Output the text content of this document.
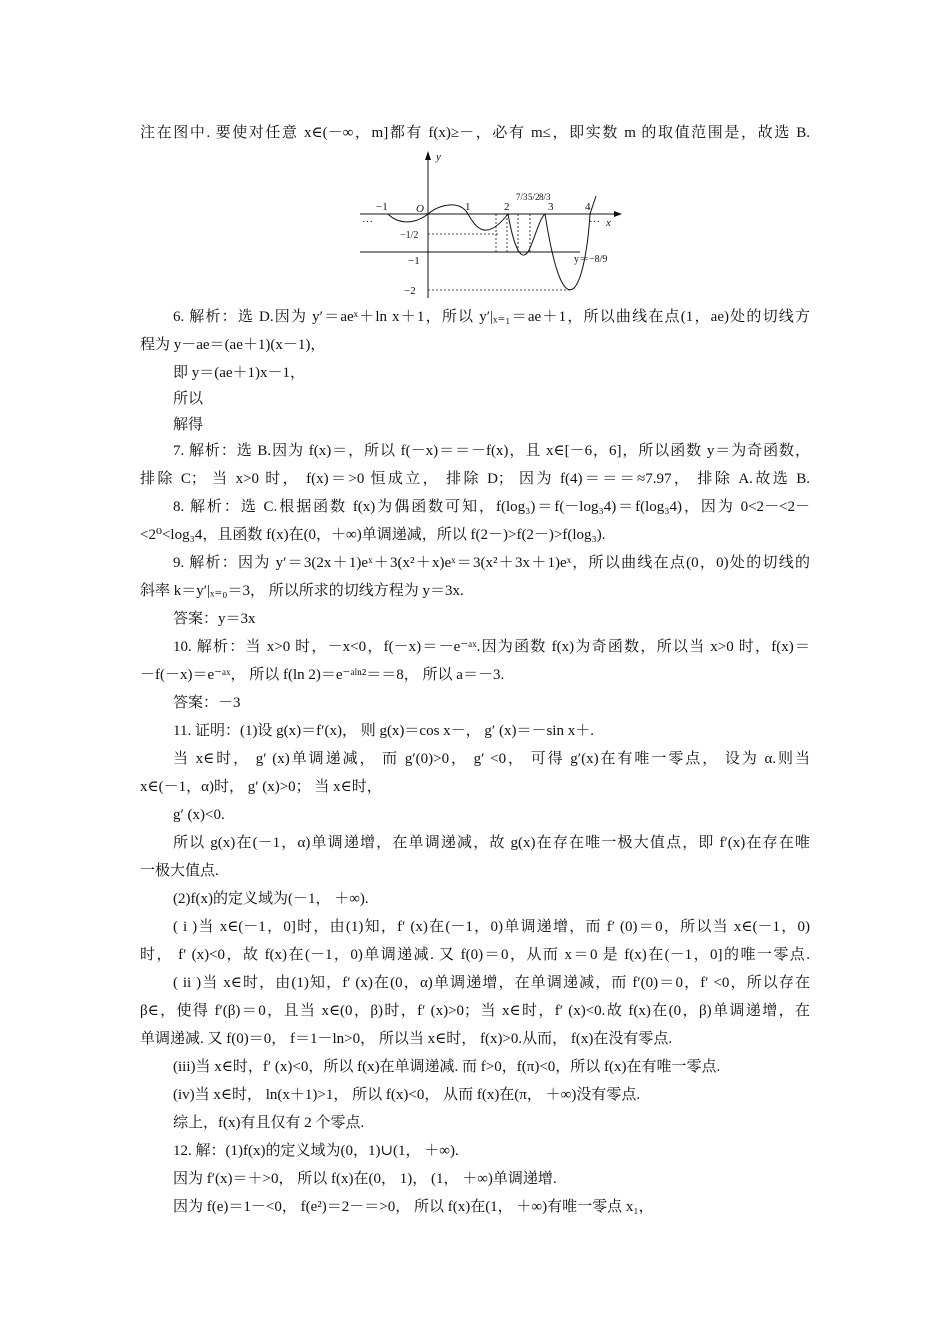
注在图中. 要使对任意 x∈(－∞，m]都有 f(x)≥－，必有 m≤，即实数 m 的取值范围是，故选 B.
y
x
O
···	···
−1	1	2
7/3 5/2 8/3
3	4
−1/2
−1
−2
y＝−8/9
6. 解析：选 D.因为 y′＝aeˣ＋ln x＋1，所以 y′|ₓ₌₁＝ae＋1，所以曲线在点(1，ae)处的切线方
程为 y－ae＝(ae＋1)(x－1)，
即 y＝(ae＋1)x－1，
所以
解得
7. 解析：选 B.因为 f(x)＝，所以 f(－x)＝＝－f(x)，且 x∈[－6，6]，所以函数 y＝为奇函数，
排除 C； 当 x>0 时， f(x)＝>0 恒成立， 排除 D； 因为 f(4)＝＝＝≈7.97， 排除 A.故选 B.
8. 解析：选 C.根据函数 f(x)为偶函数可知，f(log₃)＝f(－log₃4)＝f(log₃4)，因为 0<2－<2－
<2⁰<log₃4，且函数 f(x)在(0，＋∞)单调递减，所以 f(2－)>f(2－)>f(log₃).
9. 解析：因为 y′＝3(2x＋1)eˣ＋3(x²＋x)eˣ＝3(x²＋3x＋1)eˣ，所以曲线在点(0，0)处的切线的
斜率 k＝y′|ₓ₌₀＝3， 所以所求的切线方程为 y＝3x.
答案：y＝3x
10. 解析：当 x>0 时，－x<0，f(－x)＝－e⁻ᵃˣ.因为函数 f(x)为奇函数，所以当 x>0 时，f(x)＝
－f(－x)＝e⁻ᵃˣ， 所以 f(ln 2)＝e⁻ᵃˡⁿ²＝＝8， 所以 a＝－3.
答案：－3
11. 证明：(1)设 g(x)＝f′(x)， 则 g(x)＝cos x－， g′ (x)＝－sin x＋.
当 x∈时， g′ (x)单调递减， 而 g′(0)>0， g′ <0， 可得 g′(x)在有唯一零点， 设为 α.则当
x∈(－1，α)时， g′ (x)>0； 当 x∈时，
g′ (x)<0.
所以 g(x)在(－1，α)单调递增，在单调递减，故 g(x)在存在唯一极大值点，即 f′(x)在存在唯
一极大值点.
(2)f(x)的定义域为(－1， ＋∞).
( i )当 x∈(－1，0]时，由(1)知，f′ (x)在(－1，0)单调递增，而 f′ (0)＝0，所以当 x∈(－1，0)
时， f′ (x)<0，故 f(x)在(－1，0)单调递减. 又 f(0)＝0，从而 x＝0 是 f(x)在(－1，0]的唯一零点.
( ii )当 x∈时，由(1)知，f′ (x)在(0，α)单调递增，在单调递减，而 f′(0)＝0，f′ <0，所以存在
β∈，使得 f′(β)＝0，且当 x∈(0，β)时，f′ (x)>0；当 x∈时，f′ (x)<0.故 f(x)在(0，β)单调递增，在
单调递减. 又 f(0)＝0， f＝1－ln>0， 所以当 x∈时， f(x)>0.从而， f(x)在没有零点.
(iii)当 x∈时，f′ (x)<0，所以 f(x)在单调递减. 而 f>0，f(π)<0，所以 f(x)在有唯一零点.
(iv)当 x∈时， ln(x＋1)>1， 所以 f(x)<0， 从而 f(x)在(π， ＋∞)没有零点.
综上，f(x)有且仅有 2 个零点.
12. 解：(1)f(x)的定义域为(0，1)∪(1， ＋∞).
因为 f′(x)＝＋>0， 所以 f(x)在(0， 1)， (1， ＋∞)单调递增.
因为 f(e)＝1－<0， f(e²)＝2－＝>0， 所以 f(x)在(1， ＋∞)有唯一零点 x₁，
